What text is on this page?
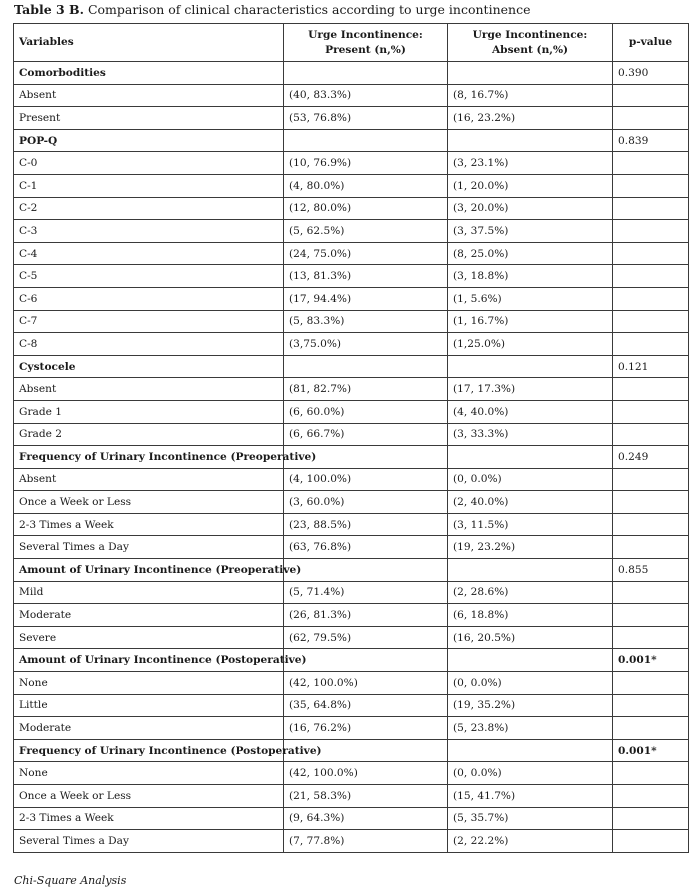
Table 3 B. Comparison of clinical characteristics according to urge incontinence
Variables	Urge Incontinence: Present (n,%)	Urge Incontinence: Absent (n,%)	p-value
Comorbodities			0.390
Absent	(40, 83.3%)	(8, 16.7%)	
Present	(53, 76.8%)	(16, 23.2%)	
POP-Q			0.839
C-0	(10, 76.9%)	(3, 23.1%)	
C-1	(4, 80.0%)	(1, 20.0%)	
C-2	(12, 80.0%)	(3, 20.0%)	
C-3	(5, 62.5%)	(3, 37.5%)	
C-4	(24, 75.0%)	(8, 25.0%)	
C-5	(13, 81.3%)	(3, 18.8%)	
C-6	(17, 94.4%)	(1, 5.6%)	
C-7	(5, 83.3%)	(1, 16.7%)	
C-8	(3,75.0%)	(1,25.0%)	
Cystocele			0.121
Absent	(81, 82.7%)	(17, 17.3%)	
Grade 1	(6, 60.0%)	(4, 40.0%)	
Grade 2	(6, 66.7%)	(3, 33.3%)	
Frequency of Urinary Incontinence (Preoperative)			0.249
Absent	(4, 100.0%)	(0, 0.0%)	
Once a Week or Less	(3, 60.0%)	(2, 40.0%)	
2-3 Times a Week	(23, 88.5%)	(3, 11.5%)	
Several Times a Day	(63, 76.8%)	(19, 23.2%)	
Amount of Urinary Incontinence (Preoperative)			0.855
Mild	(5, 71.4%)	(2, 28.6%)	
Moderate	(26, 81.3%)	(6, 18.8%)	
Severe	(62, 79.5%)	(16, 20.5%)	
Amount of Urinary Incontinence (Postoperative)			0.001*
None	(42, 100.0%)	(0, 0.0%)	
Little	(35, 64.8%)	(19, 35.2%)	
Moderate	(16, 76.2%)	(5, 23.8%)	
Frequency of Urinary Incontinence (Postoperative)			0.001*
None	(42, 100.0%)	(0, 0.0%)	
Once a Week or Less	(21, 58.3%)	(15, 41.7%)	
2-3 Times a Week	(9, 64.3%)	(5, 35.7%)	
Several Times a Day	(7, 77.8%)	(2, 22.2%)	
Chi-Square Analysis
